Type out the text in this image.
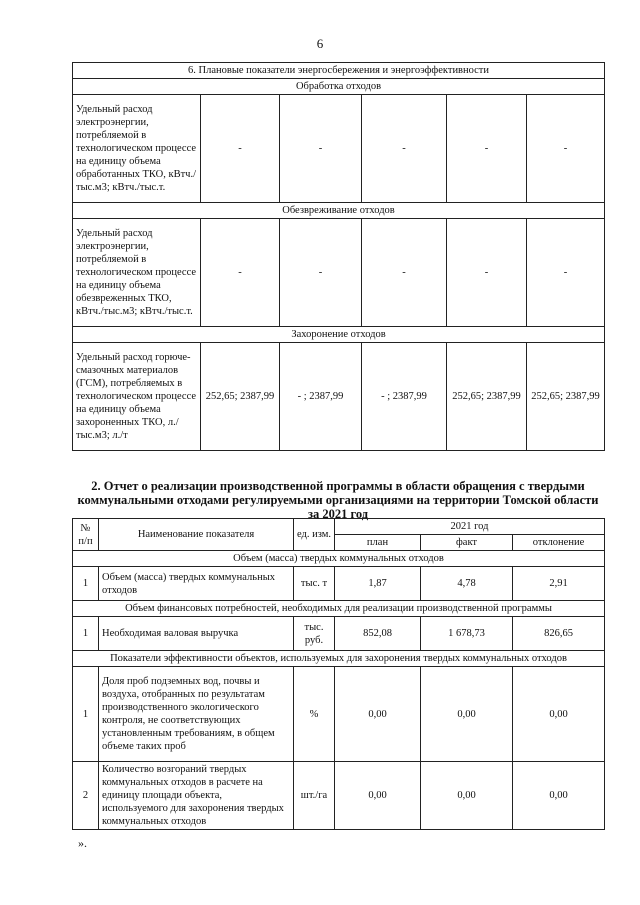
6
6. Плановые показатели энергосбережения и энергоэффективности					
Обработка отходов					
Удельный расход электроэнергии, потребляемой в технологическом процессе на единицу объема обработанных ТКО, кВтч./тыс.м3; кВтч./тыс.т.	-	-	-	-	-
Обезвреживание отходов					
Удельный расход электроэнергии, потребляемой в технологическом процессе на единицу объема обезвреженных ТКО, кВтч./тыс.м3; кВтч./тыс.т.	-	-	-	-	-
Захоронение отходов					
Удельный расход горюче-смазочных материалов (ГСМ), потребляемых в технологическом процессе на единицу объема захороненных ТКО, л./тыс.м3; л./т	252,65; 2387,99	- ; 2387,99	- ; 2387,99	252,65; 2387,99	252,65; 2387,99
2. Отчет о реализации производственной программы в области обращения с твердыми коммунальными отходами регулируемыми организациями на территории Томской области за 2021 год
№ п/п	Наименование показателя	ед. изм.	2021 год		
			план	факт	отклонение
Объем (масса) твердых коммунальных отходов					
1	Объем (масса) твердых коммунальных отходов	тыс. т	1,87	4,78	2,91
Объем финансовых потребностей, необходимых для реализации производственной программы					
1	Необходимая валовая выручка	тыс. руб.	852,08	1 678,73	826,65
Показатели эффективности объектов, используемых для захоронения твердых коммунальных отходов					
1	Доля проб подземных вод, почвы и воздуха, отобранных по результатам производственного экологического контроля, не соответствующих установленным требованиям, в общем объеме таких проб	%	0,00	0,00	0,00
2	Количество возгораний твердых коммунальных отходов в расчете на единицу площади объекта, используемого для захоронения твердых коммунальных отходов	шт./га	0,00	0,00	0,00
».
